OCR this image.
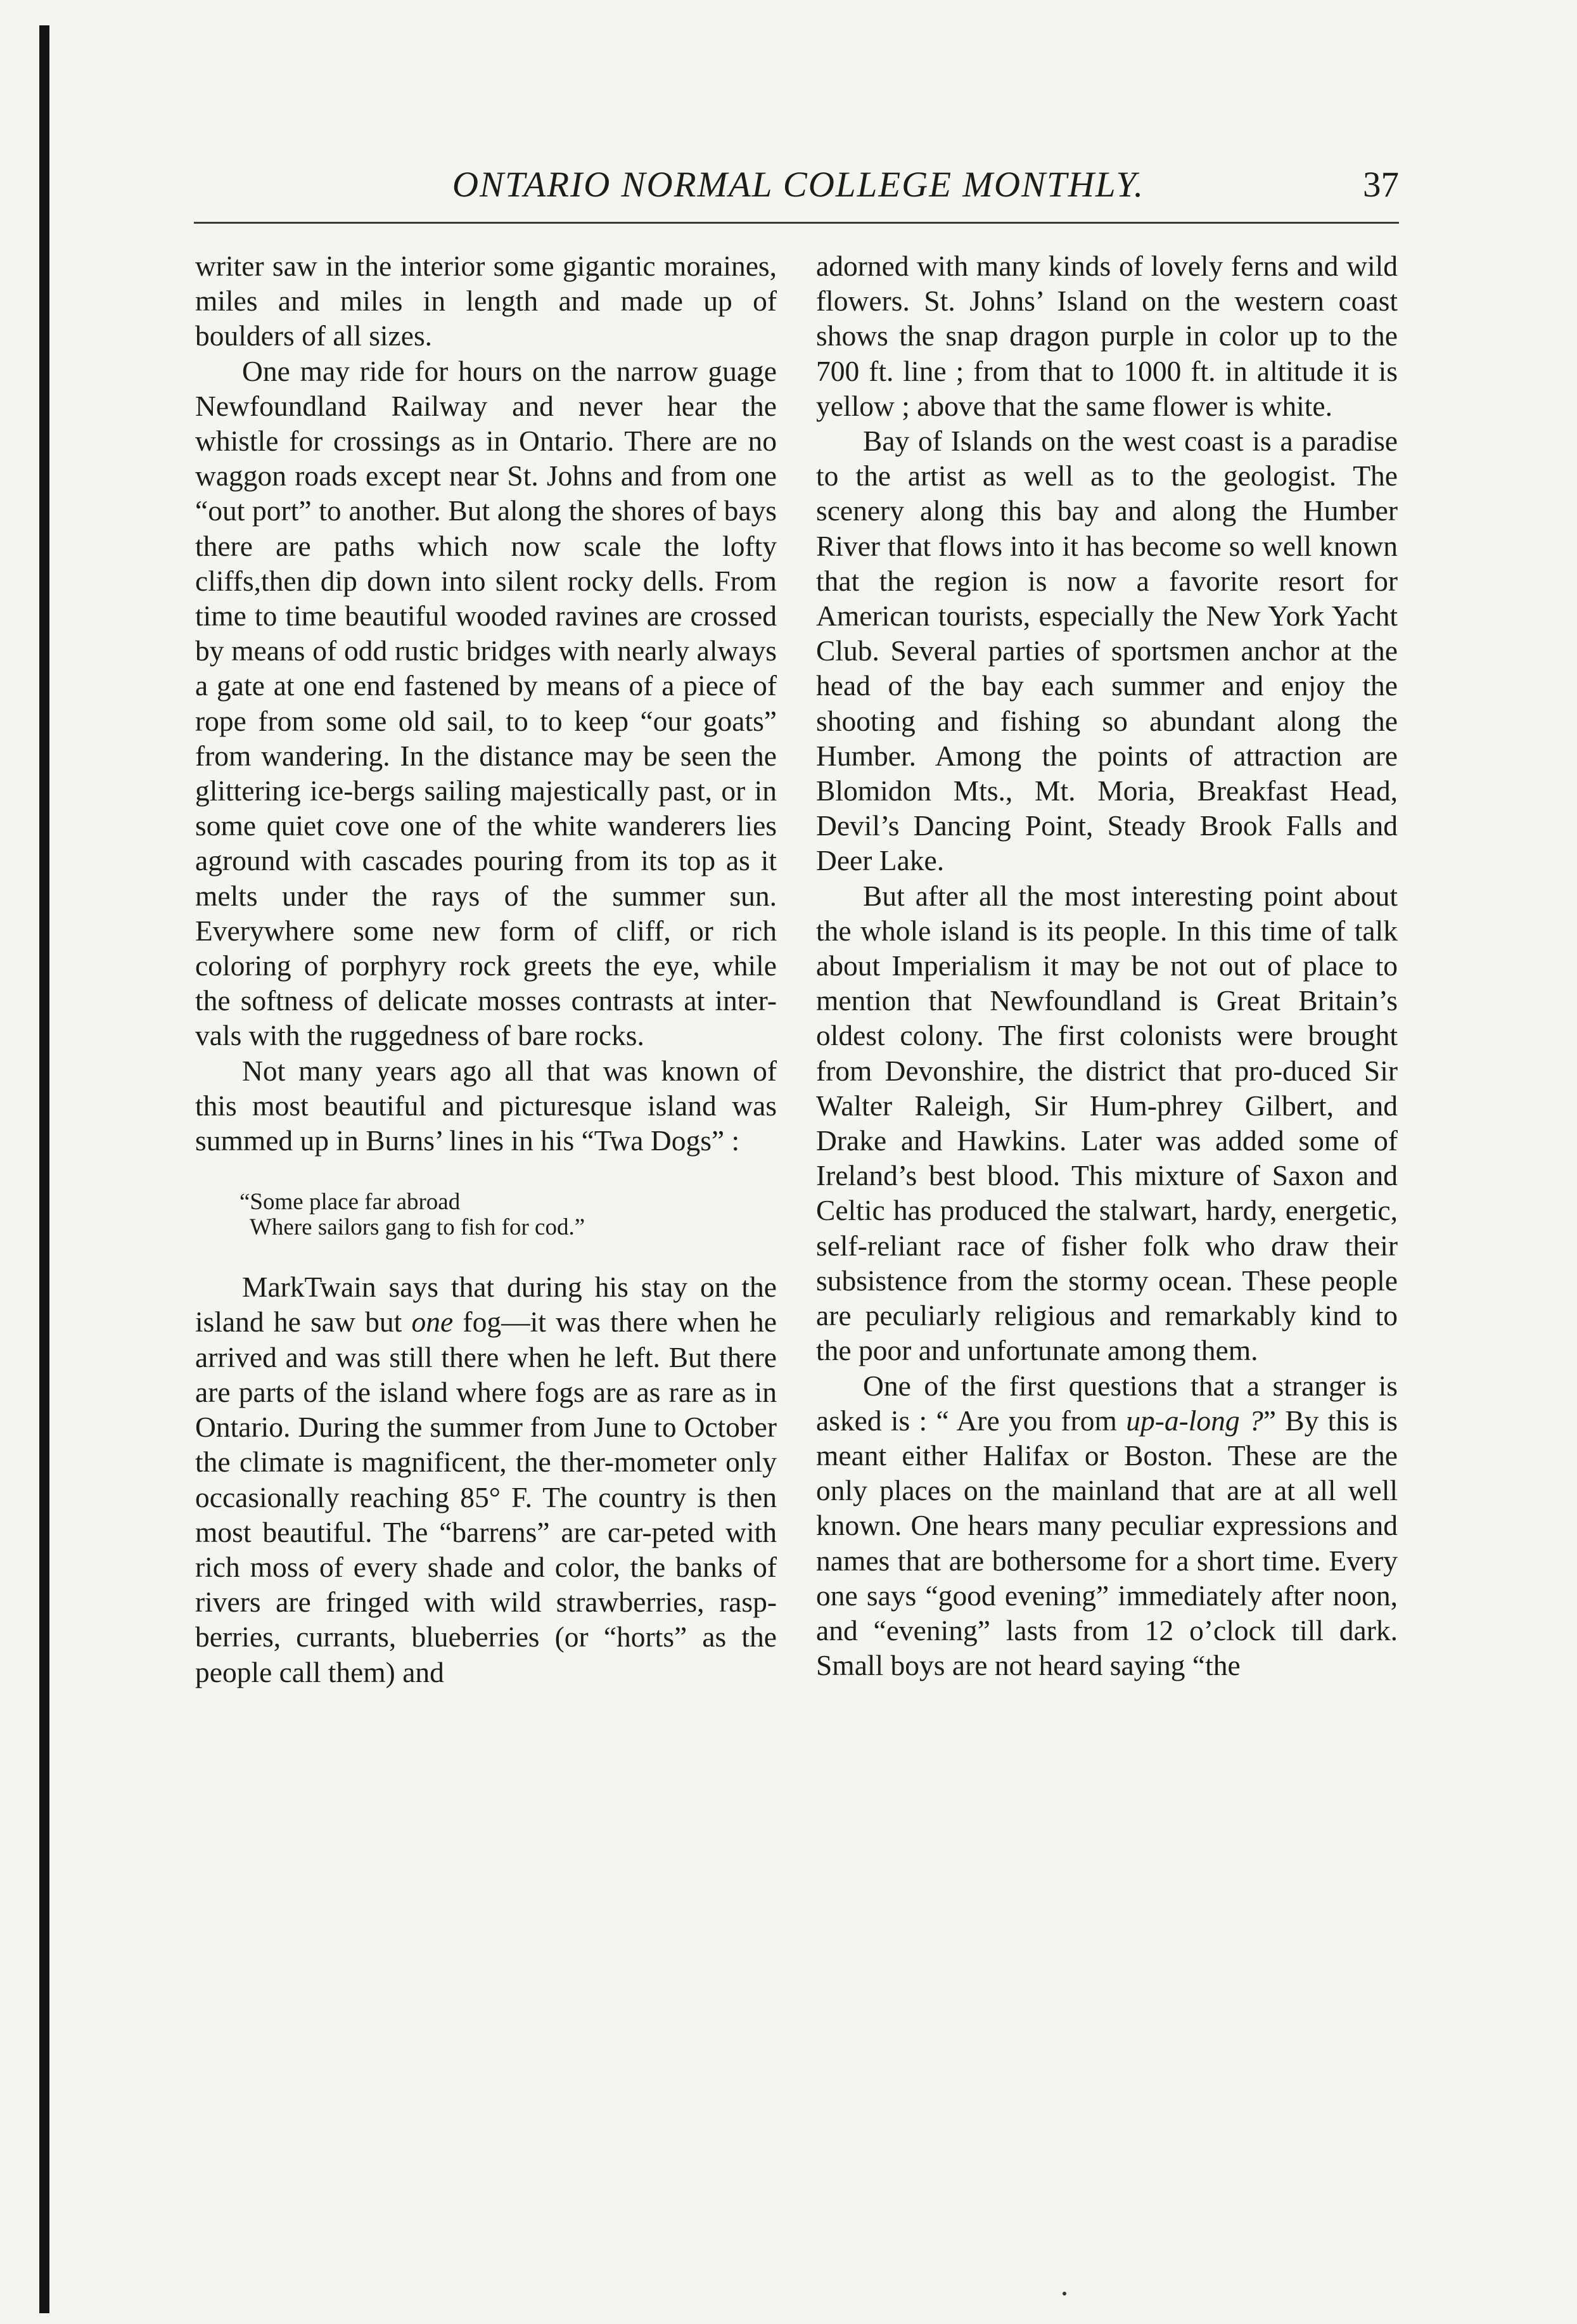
ONTARIO NORMAL COLLEGE MONTHLY.	37

writer saw in the interior some gigantic moraines, miles and miles in length and made up of boulders of all sizes.

One may ride for hours on the narrow guage Newfoundland Railway and never hear the whistle for crossings as in Ontario. There are no waggon roads except near St. Johns and from one “out port” to another. But along the shores of bays there are paths which now scale the lofty cliffs,then dip down into silent rocky dells. From time to time beautiful wooded ravines are crossed by means of odd rustic bridges with nearly always a gate at one end fastened by means of a piece of rope from some old sail, to to keep “our goats” from wandering. In the distance may be seen the glittering ice-bergs sailing majestically past, or in some quiet cove one of the white wanderers lies aground with cascades pouring from its top as it melts under the rays of the summer sun. Everywhere some new form of cliff, or rich coloring of porphyry rock greets the eye, while the softness of delicate mosses contrasts at inter-vals with the ruggedness of bare rocks.

Not many years ago all that was known of this most beautiful and picturesque island was summed up in Burns’ lines in his “Twa Dogs” :

“Some place far abroad
Where sailors gang to fish for cod.”

MarkTwain says that during his stay on the island he saw but one fog—it was there when he arrived and was still there when he left. But there are parts of the island where fogs are as rare as in Ontario. During the summer from June to October the climate is magnificent, the ther-mometer only occasionally reaching 85° F. The country is then most beautiful. The “barrens” are car-peted with rich moss of every shade and color, the banks of rivers are fringed with wild strawberries, rasp-berries, currants, blueberries (or “horts” as the people call them) and

adorned with many kinds of lovely ferns and wild flowers. St. Johns’ Island on the western coast shows the snap dragon purple in color up to the 700 ft. line ; from that to 1000 ft. in altitude it is yellow ; above that the same flower is white.

Bay of Islands on the west coast is a paradise to the artist as well as to the geologist. The scenery along this bay and along the Humber River that flows into it has become so well known that the region is now a favorite resort for American tourists, especially the New York Yacht Club. Several parties of sportsmen anchor at the head of the bay each summer and enjoy the shooting and fishing so abundant along the Humber. Among the points of attraction are Blomidon Mts., Mt. Moria, Breakfast Head, Devil’s Dancing Point, Steady Brook Falls and Deer Lake.

But after all the most interesting point about the whole island is its people. In this time of talk about Imperialism it may be not out of place to mention that Newfoundland is Great Britain’s oldest colony. The first colonists were brought from Devonshire, the district that pro-duced Sir Walter Raleigh, Sir Hum-phrey Gilbert, and Drake and Hawkins. Later was added some of Ireland’s best blood. This mixture of Saxon and Celtic has produced the stalwart, hardy, energetic, self-reliant race of fisher folk who draw their subsistence from the stormy ocean. These people are peculiarly religious and remarkably kind to the poor and unfortunate among them.

One of the first questions that a stranger is asked is : “ Are you from up-a-long ?” By this is meant either Halifax or Boston. These are the only places on the mainland that are at all well known. One hears many peculiar expressions and names that are bothersome for a short time. Every one says “good evening” immediately after noon, and “evening” lasts from 12 o’clock till dark. Small boys are not heard saying “the
